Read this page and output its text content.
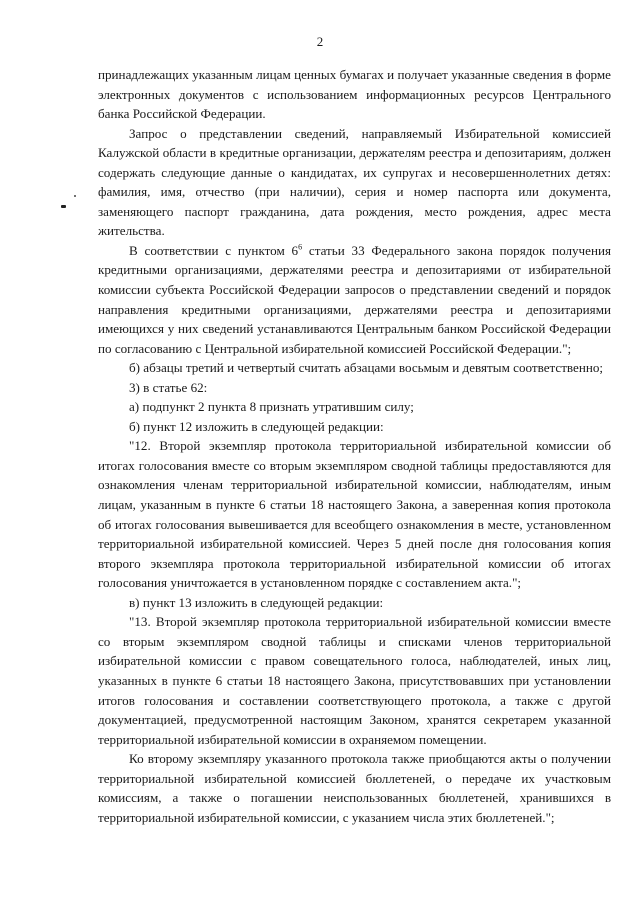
2

принадлежащих указанным лицам ценных бумагах и получает указанные сведения в форме электронных документов с использованием информационных ресурсов Центрального банка Российской Федерации.

Запрос о представлении сведений, направляемый Избирательной комиссией Калужской области в кредитные организации, держателям реестра и депозитариям, должен содержать следующие данные о кандидатах, их супругах и несовершеннолетних детях: фамилия, имя, отчество (при наличии), серия и номер паспорта или документа, заменяющего паспорт гражданина, дата рождения, место рождения, адрес места жительства.

В соответствии с пунктом $6^6$ статьи 33 Федерального закона порядок получения кредитными организациями, держателями реестра и депозитариями от избирательной комиссии субъекта Российской Федерации запросов о представлении сведений и порядок направления кредитными организациями, держателями реестра и депозитариями имеющихся у них сведений устанавливаются Центральным банком Российской Федерации по согласованию с Центральной избирательной комиссией Российской Федерации.";

б) абзацы третий и четвертый считать абзацами восьмым и девятым соответственно;

3) в статье 62:

а) подпункт 2 пункта 8 признать утратившим силу;

б) пункт 12 изложить в следующей редакции:

"12. Второй экземпляр протокола территориальной избирательной комиссии об итогах голосования вместе со вторым экземпляром сводной таблицы предоставляются для ознакомления членам территориальной избирательной комиссии, наблюдателям, иным лицам, указанным в пункте 6 статьи 18 настоящего Закона, а заверенная копия протокола об итогах голосования вывешивается для всеобщего ознакомления в месте, установленном территориальной избирательной комиссией. Через 5 дней после дня голосования копия второго экземпляра протокола территориальной избирательной комиссии об итогах голосования уничтожается в установленном порядке с составлением акта.";

в) пункт 13 изложить в следующей редакции:

"13. Второй экземпляр протокола территориальной избирательной комиссии вместе со вторым экземпляром сводной таблицы и списками членов территориальной избирательной комиссии с правом совещательного голоса, наблюдателей, иных лиц, указанных в пункте 6 статьи 18 настоящего Закона, присутствовавших при установлении итогов голосования и составлении соответствующего протокола, а также с другой документацией, предусмотренной настоящим Законом, хранятся секретарем указанной территориальной избирательной комиссии в охраняемом помещении.

Ко второму экземпляру указанного протокола также приобщаются акты о получении территориальной избирательной комиссией бюллетеней, о передаче их участковым комиссиям, а также о погашении неиспользованных бюллетеней, хранившихся в территориальной избирательной комиссии, с указанием числа этих бюллетеней.";
